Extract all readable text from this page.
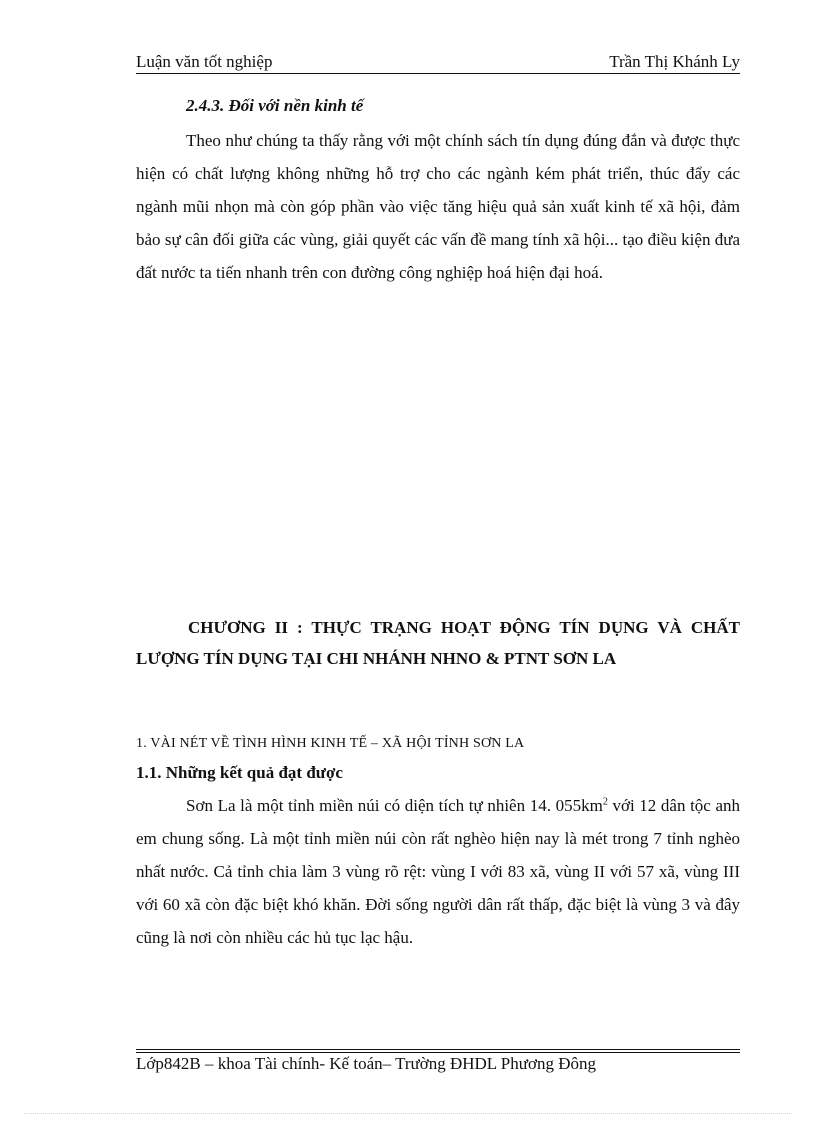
Luận văn tốt nghiệp	Trần Thị Khánh Ly
2.4.3. Đối với nền kinh tế
Theo như chúng ta thấy rằng với một chính sách tín dụng đúng đắn và được thực hiện có chất lượng không những hỗ trợ cho các ngành kém phát triển, thúc đẩy các ngành mũi nhọn mà còn góp phần vào việc tăng hiệu quả sản xuất kinh tế xã hội, đảm bảo sự cân đối giữa các vùng, giải quyết các vấn đề mang tính xã hội... tạo điều kiện đưa đất nước ta tiến nhanh trên con đường công nghiệp hoá hiện đại hoá.
CHƯƠNG II : THỰC TRẠNG HOẠT ĐỘNG TÍN DỤNG VÀ CHẤT LƯỢNG TÍN DỤNG TẠI CHI NHÁNH NHNO & PTNT SƠN LA
1. VÀI NÉT VỀ TÌNH HÌNH KINH TẾ – XÃ HỘI TỈNH SƠN LA
1.1. Những kết quả đạt được
Sơn La là một tỉnh miền núi có diện tích tự nhiên 14. $055km^2$ với 12 dân tộc anh em chung sống. Là một tỉnh miền núi còn rất nghèo hiện nay là mét trong 7 tỉnh nghèo nhất nước. Cả tỉnh chia làm 3 vùng rõ rệt: vùng I với 83 xã, vùng II với 57 xã, vùng III với 60 xã còn đặc biệt khó khăn. Đời sống người dân rất thấp, đặc biệt là vùng 3 và đây cũng là nơi còn nhiều các hủ tục lạc hậu.
Lớp842B – khoa Tài chính- Kế toán– Trường ĐHDL Phương Đông
